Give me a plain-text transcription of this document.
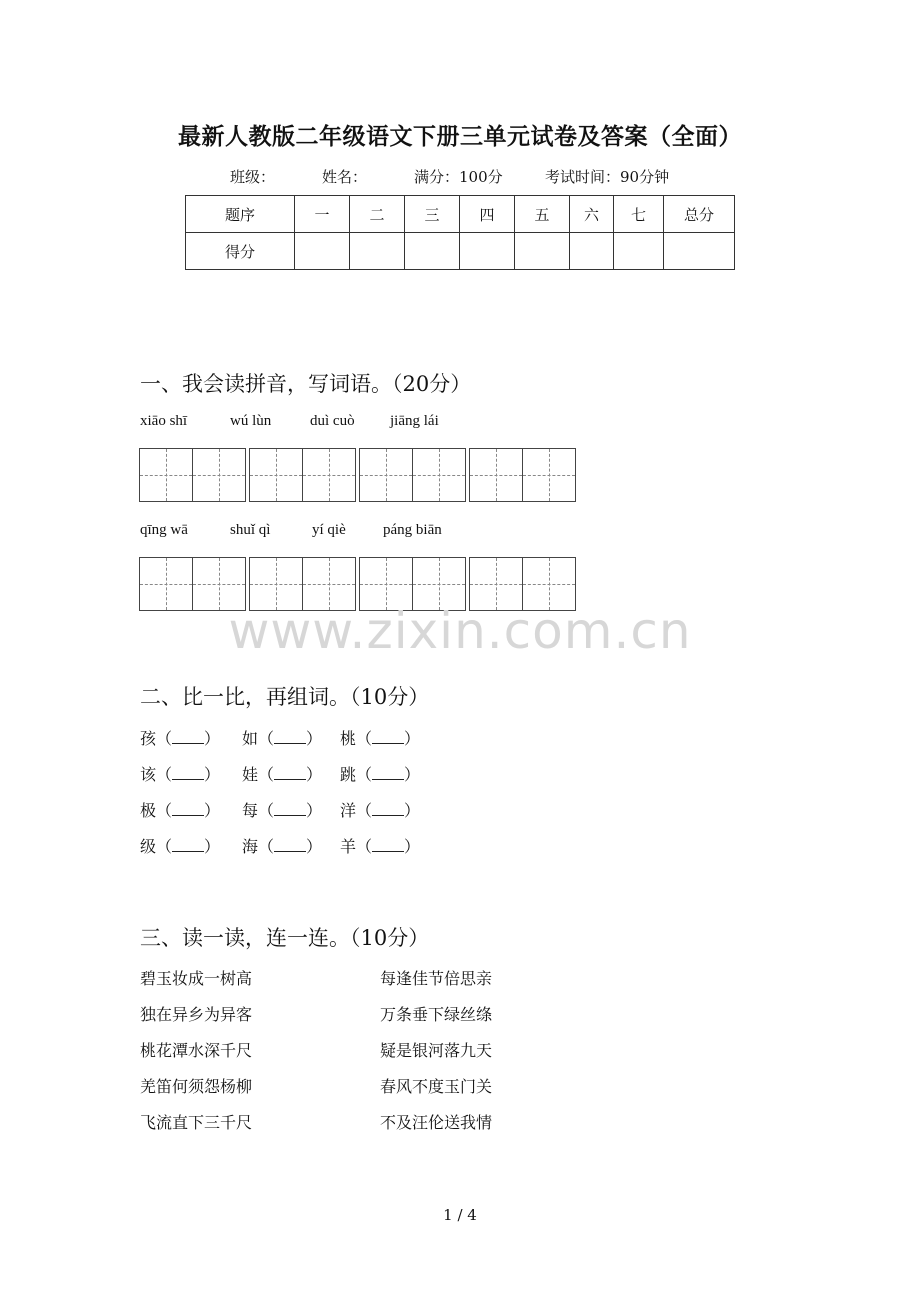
最新人教版二年级语文下册三单元试卷及答案（全面）
班级：	姓名：	满分：100分	考试时间：90分钟
题序	一	二	三	四	五	六	七	总分
得分								
一、我会读拼音，写词语。（20分）
xiāo shī	wú lùn	duì cuò jiāng lái
qīng wā	shuǐ qì	yí qiè páng biān
www.zixin.com.cn
二、比一比，再组词。（10分）
孩（ ） 如（ ） 桃（ ）
该（ ） 娃（ ） 跳（ ）
极（ ） 每（ ） 洋（ ）
级（ ） 海（ ） 羊（ ）
三、读一读，连一连。（10分）
碧玉妆成一树高
独在异乡为异客
桃花潭水深千尺
羌笛何须怨杨柳
飞流直下三千尺
每逢佳节倍思亲
万条垂下绿丝绦
疑是银河落九天
春风不度玉门关
不及汪伦送我情
1 / 4
